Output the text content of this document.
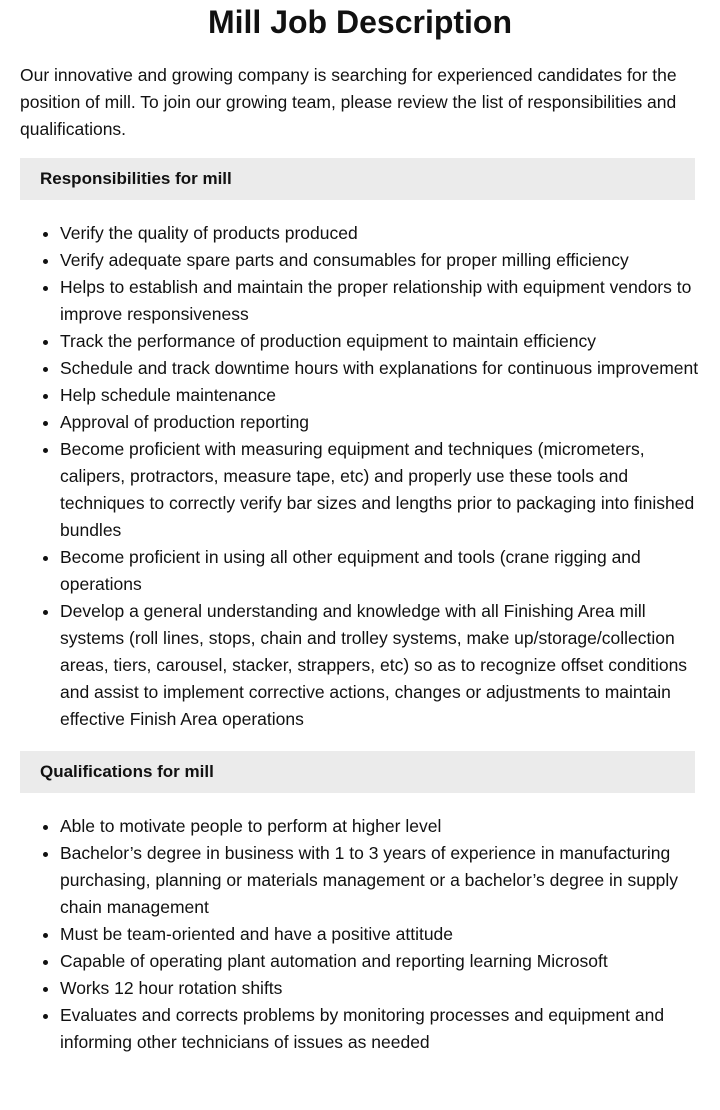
Mill Job Description

Our innovative and growing company is searching for experienced candidates for the position of mill. To join our growing team, please review the list of responsibilities and qualifications.

Responsibilities for mill
• Verify the quality of products produced
• Verify adequate spare parts and consumables for proper milling efficiency
• Helps to establish and maintain the proper relationship with equipment vendors to improve responsiveness
• Track the performance of production equipment to maintain efficiency
• Schedule and track downtime hours with explanations for continuous improvement
• Help schedule maintenance
• Approval of production reporting
• Become proficient with measuring equipment and techniques (micrometers, calipers, protractors, measure tape, etc) and properly use these tools and techniques to correctly verify bar sizes and lengths prior to packaging into finished bundles
• Become proficient in using all other equipment and tools (crane rigging and operations
• Develop a general understanding and knowledge with all Finishing Area mill systems (roll lines, stops, chain and trolley systems, make up/storage/collection areas, tiers, carousel, stacker, strappers, etc) so as to recognize offset conditions and assist to implement corrective actions, changes or adjustments to maintain effective Finish Area operations
Qualifications for mill
• Able to motivate people to perform at higher level
• Bachelor’s degree in business with 1 to 3 years of experience in manufacturing purchasing, planning or materials management or a bachelor’s degree in supply chain management
• Must be team-oriented and have a positive attitude
• Capable of operating plant automation and reporting learning Microsoft
• Works 12 hour rotation shifts
• Evaluates and corrects problems by monitoring processes and equipment and informing other technicians of issues as needed
